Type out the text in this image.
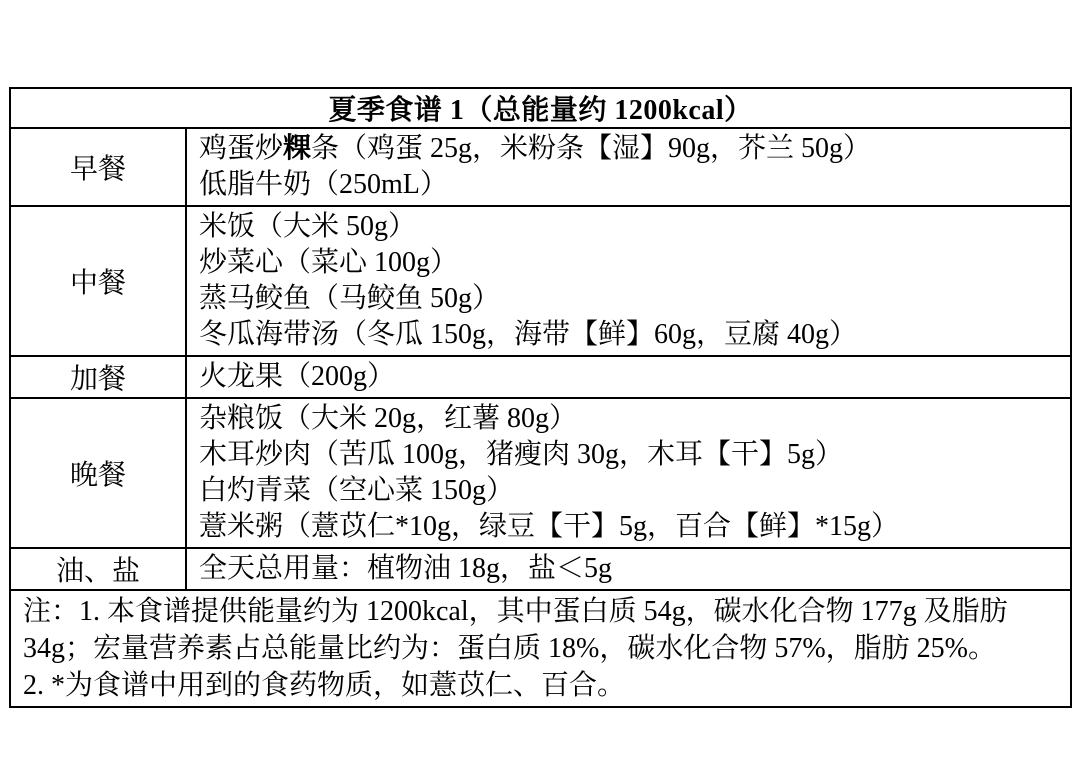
夏季食谱 1（总能量约 1200kcal）
早餐
鸡蛋炒粿条（鸡蛋 25g，米粉条【湿】90g，芥兰 50g）
低脂牛奶（250mL）
中餐
米饭（大米 50g）
炒菜心（菜心 100g）
蒸马鲛鱼（马鲛鱼 50g）
冬瓜海带汤（冬瓜 150g，海带【鲜】60g，豆腐 40g）
加餐	火龙果（200g）
晚餐
杂粮饭（大米 20g，红薯 80g）
木耳炒肉（苦瓜 100g，猪瘦肉 30g，木耳【干】5g）
白灼青菜（空心菜 150g）
薏米粥（薏苡仁*10g，绿豆【干】5g，百合【鲜】*15g）
油、盐	全天总用量：植物油 18g，盐＜5g
注：1. 本食谱提供能量约为 1200kcal，其中蛋白质 54g，碳水化合物 177g 及脂肪
34g；宏量营养素占总能量比约为：蛋白质 18%，碳水化合物 57%，脂肪 25%。
2. *为食谱中用到的食药物质，如薏苡仁、百合。
